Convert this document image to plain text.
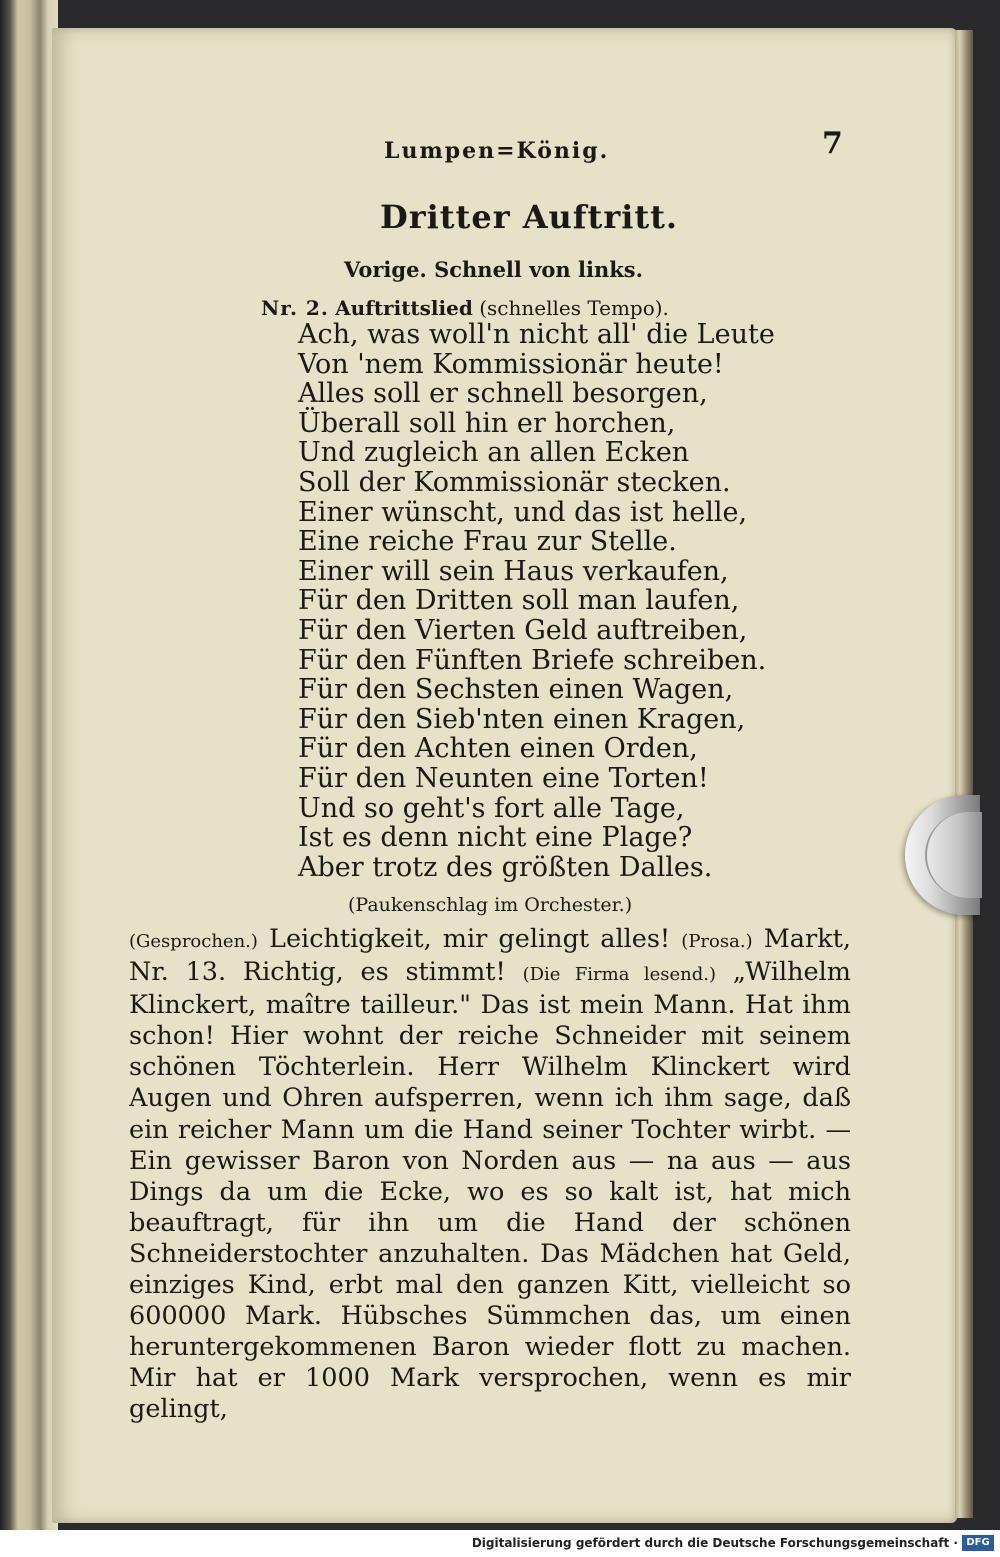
Lumpen=König.	7
Dritter Auftritt.
Vorige. Schnell von links.
Nr. 2. Auftrittslied (schnelles Tempo).
Ach, was woll'n nicht all' die Leute
Von 'nem Kommissionär heute!
Alles soll er schnell besorgen,
Überall soll hin er horchen,
Und zugleich an allen Ecken
Soll der Kommissionär stecken.
Einer wünscht, und das ist helle,
Eine reiche Frau zur Stelle.
Einer will sein Haus verkaufen,
Für den Dritten soll man laufen,
Für den Vierten Geld auftreiben,
Für den Fünften Briefe schreiben.
Für den Sechsten einen Wagen,
Für den Sieb'nten einen Kragen,
Für den Achten einen Orden,
Für den Neunten eine Torten!
Und so geht's fort alle Tage,
Ist es denn nicht eine Plage?
Aber trotz des größten Dalles.
(Paukenschlag im Orchester.)
(Gesprochen.) Leichtigkeit, mir gelingt alles! (Prosa.) Markt, Nr. 13. Richtig, es stimmt! (Die Firma lesend.) „Wilhelm Klinckert, maître tailleur." Das ist mein Mann. Hat ihm schon! Hier wohnt der reiche Schneider mit seinem schönen Töchterlein. Herr Wilhelm Klinckert wird Augen und Ohren aufsperren, wenn ich ihm sage, daß ein reicher Mann um die Hand seiner Tochter wirbt. — Ein gewisser Baron von Norden aus — na aus — aus Dings da um die Ecke, wo es so kalt ist, hat mich beauftragt, für ihn um die Hand der schönen Schneiderstochter anzuhalten. Das Mädchen hat Geld, einziges Kind, erbt mal den ganzen Kitt, vielleicht so 600000 Mark. Hübsches Sümmchen das, um einen heruntergekommenen Baron wieder flott zu machen. Mir hat er 1000 Mark versprochen, wenn es mir gelingt,
Digitalisierung gefördert durch die Deutsche Forschungsgemeinschaft · DFG
